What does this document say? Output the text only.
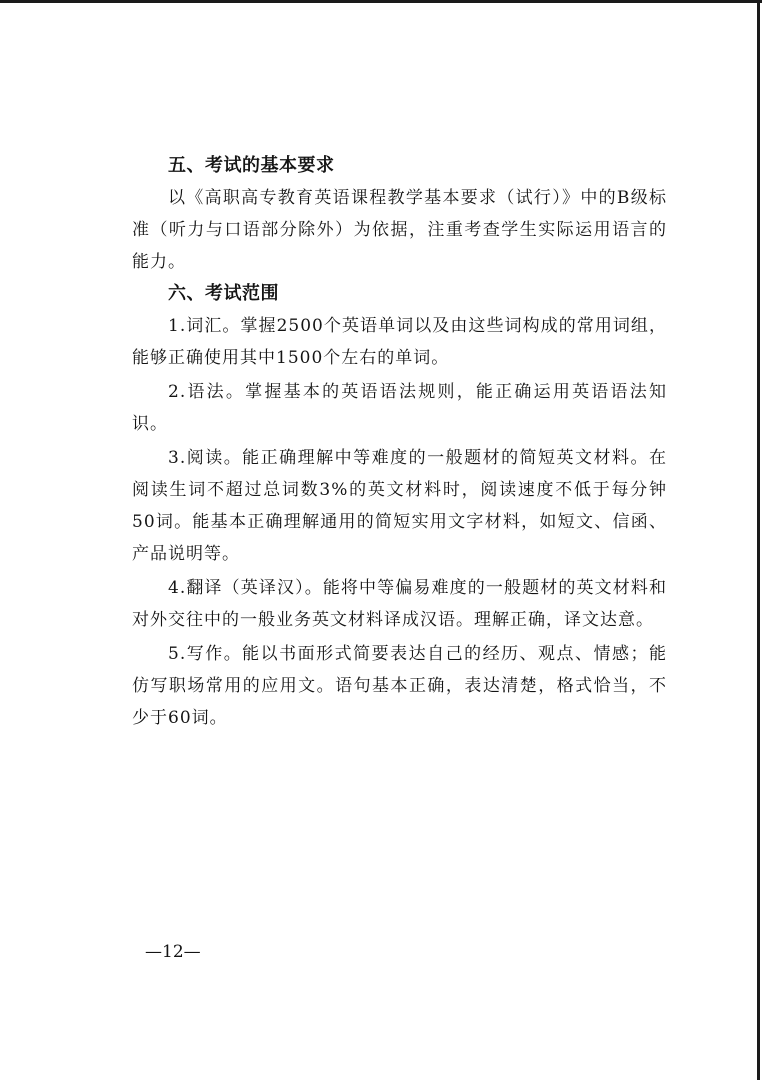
五、考试的基本要求

以《高职高专教育英语课程教学基本要求（试行）》中的B级标准（听力与口语部分除外）为依据，注重考查学生实际运用语言的能力。

六、考试范围

1.词汇。掌握2500个英语单词以及由这些词构成的常用词组，能够正确使用其中1500个左右的单词。

2.语法。掌握基本的英语语法规则，能正确运用英语语法知识。

3.阅读。能正确理解中等难度的一般题材的简短英文材料。在阅读生词不超过总词数3%的英文材料时，阅读速度不低于每分钟50词。能基本正确理解通用的简短实用文字材料，如短文、信函、产品说明等。

4.翻译（英译汉）。能将中等偏易难度的一般题材的英文材料和对外交往中的一般业务英文材料译成汉语。理解正确，译文达意。

5.写作。能以书面形式简要表达自己的经历、观点、情感；能仿写职场常用的应用文。语句基本正确，表达清楚，格式恰当，不少于60词。

—12—
